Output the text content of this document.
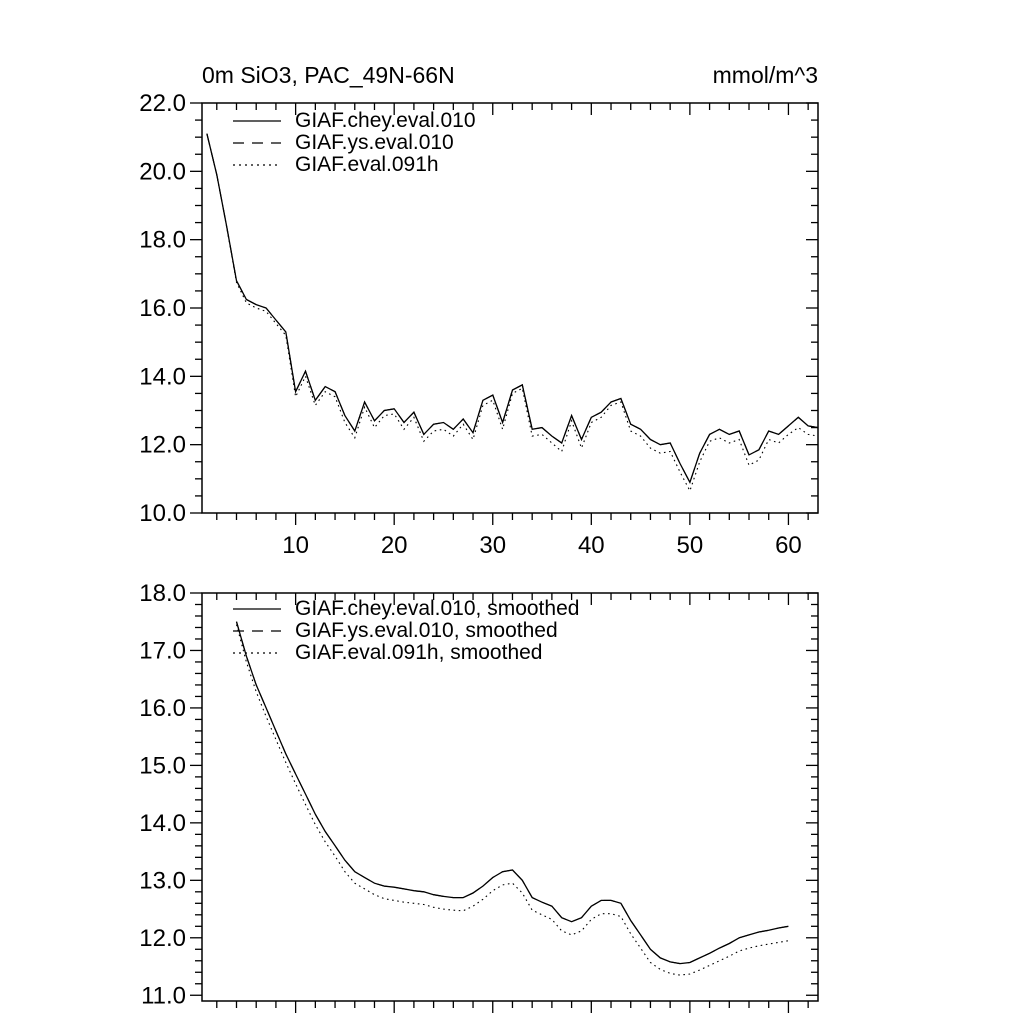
10	20	30	40	50	60
22.0
20.0
18.0
16.0
14.0
12.0
10.0
18.0
17.0
16.0
15.0
14.0
13.0
12.0
11.0
0m SiO3, PAC_49N-66N	mmol/m^3
GIAF.chey.eval.010
GIAF.ys.eval.010
GIAF.eval.091h
GIAF.chey.eval.010, smoothed
GIAF.ys.eval.010, smoothed
GIAF.eval.091h, smoothed
